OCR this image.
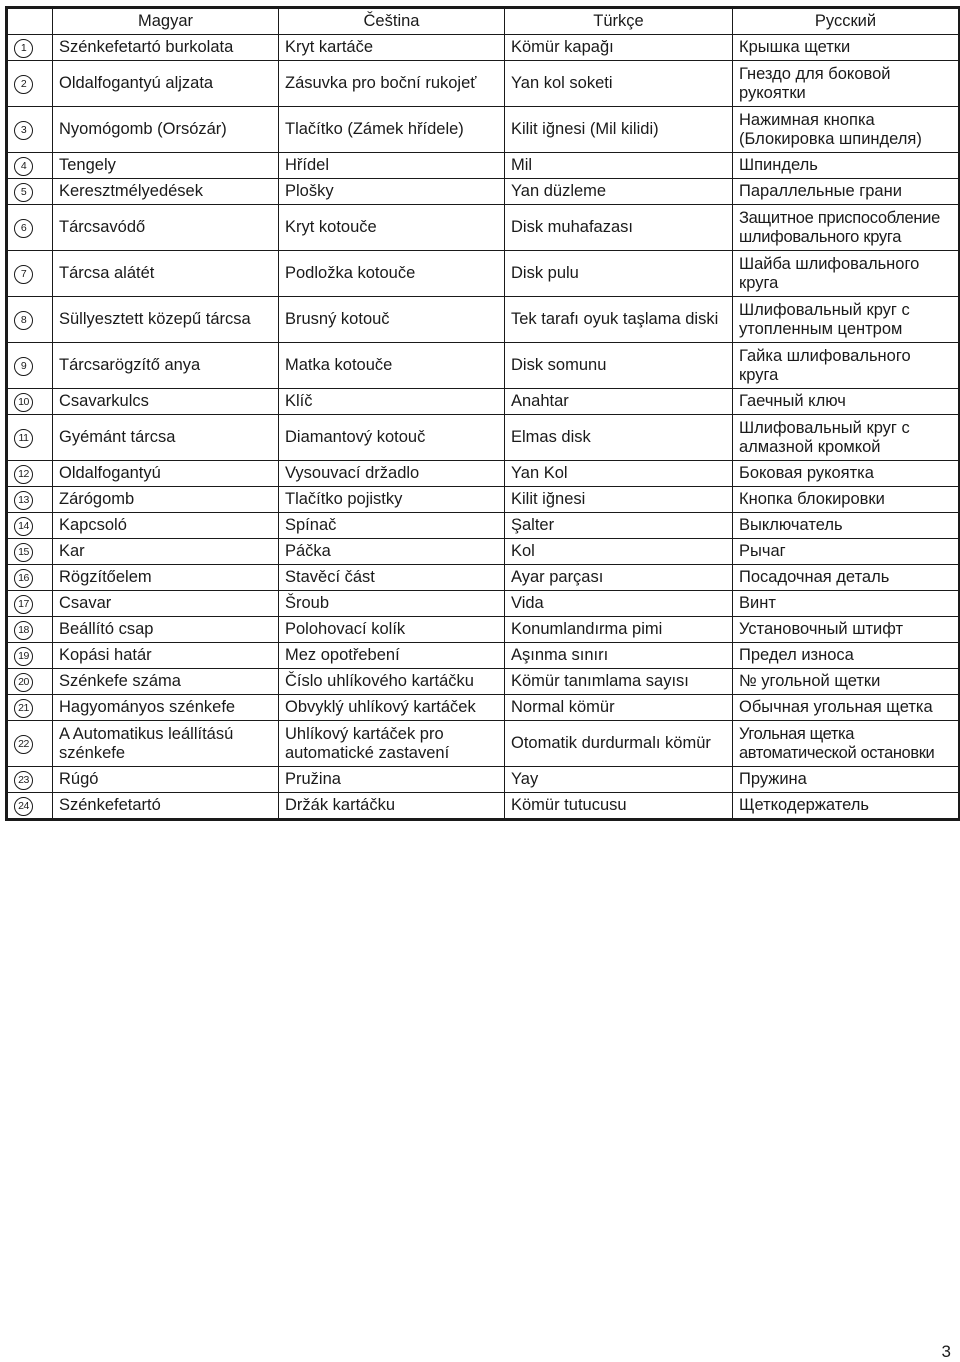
	Magyar	Čeština	Türkçe	Русский
1	Szénkefetartó burkolata	Kryt kartáče	Kömür kapağı	Крышка щетки
2	Oldalfogantyú aljzata	Zásuvka pro boční rukojeť	Yan kol soketi	Гнездо для боковой рукоятки
3	Nyomógomb (Orsózár)	Tlačítko (Zámek hřídele)	Kilit iğnesi (Mil kilidi)	Нажимная кнопка (Блокировка шпинделя)
4	Tengely	Hřídel	Mil	Шпиндель
5	Keresztmélyedések	Plošky	Yan düzleme	Параллельные грани
6	Tárcsavódő	Kryt kotouče	Disk muhafazası	Защитное приспособление шлифовального круга
7	Tárcsa alátét	Podložka kotouče	Disk pulu	Шайба шлифовального круга
8	Süllyesztett közepű tárcsa	Brusný kotouč	Tek tarafı oyuk taşlama diski	Шлифовальный круг с утопленным центром
9	Tárcsarögzítő anya	Matka kotouče	Disk somunu	Гайка шлифовального круга
10	Csavarkulcs	Klíč	Anahtar	Гаечный ключ
11	Gyémánt tárcsa	Diamantový kotouč	Elmas disk	Шлифовальный круг с алмазной кромкой
12	Oldalfogantyú	Vysouvací držadlo	Yan Kol	Боковая рукоятка
13	Zárógomb	Tlačítko pojistky	Kilit iğnesi	Кнопка блокировки
14	Kapcsoló	Spínač	Şalter	Выключатель
15	Kar	Páčka	Kol	Рычаг
16	Rögzítőelem	Stavěcí část	Ayar parçası	Посадочная деталь
17	Csavar	Šroub	Vida	Винт
18	Beállító csap	Polohovací kolík	Konumlandırma pimi	Установочный штифт
19	Kopási határ	Mez opotřebení	Aşınma sınırı	Предел износа
20	Szénkefe száma	Číslo uhlíkového kartáčku	Kömür tanımlama sayısı	№ угольной щетки
21	Hagyományos szénkefe	Obvyklý uhlíkový kartáček	Normal kömür	Обычная угольная щетка
22	A Automatikus leállítású szénkefe	Uhlíkový kartáček pro automatické zastavení	Otomatik durdurmalı kömür	Угольная щетка автоматической остановки
23	Rúgó	Pružina	Yay	Пружина
24	Szénkefetartó	Držák kartáčku	Kömür tutucusu	Щеткодержатель
3
